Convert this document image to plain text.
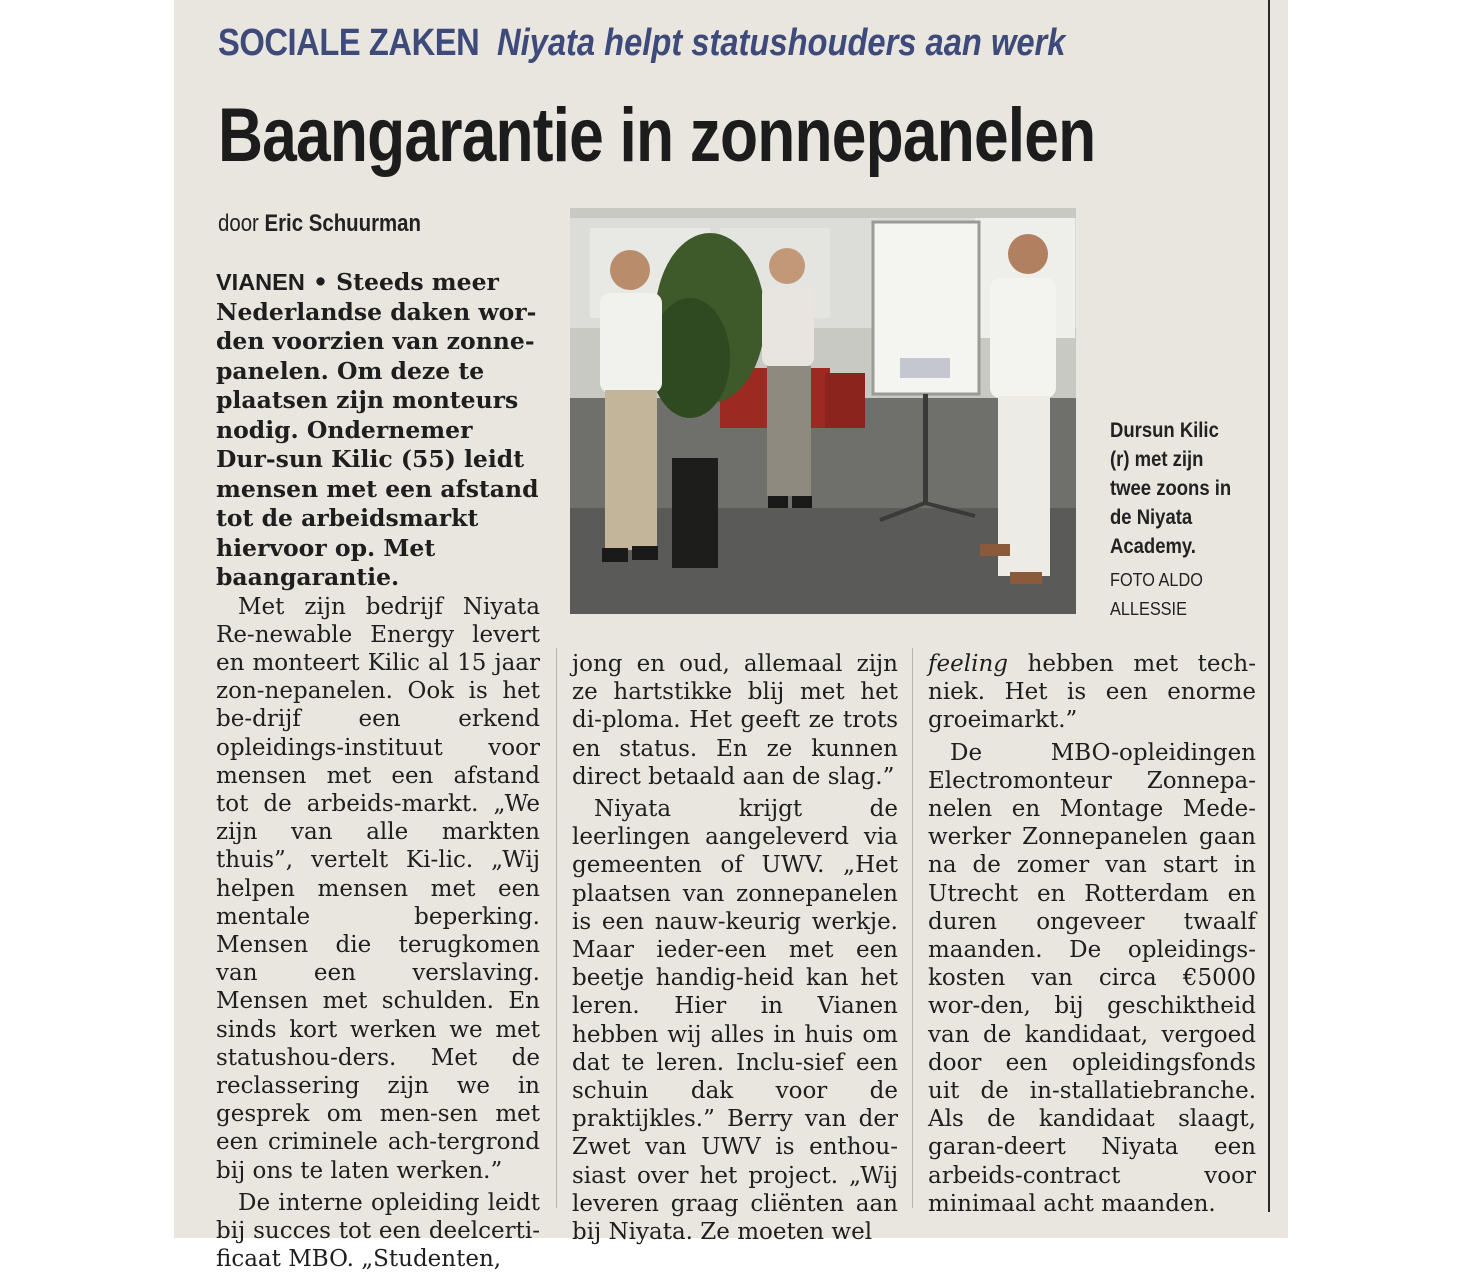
SOCIALE ZAKEN Niyata helpt statushouders aan werk
Baangarantie in zonnepanelen
door Eric Schuurman

VIANEN • Steeds meer Nederlandse daken wor-den voorzien van zonne-panelen. Om deze te plaatsen zijn monteurs nodig. Ondernemer Dur-sun Kilic (55) leidt mensen met een afstand tot de arbeidsmarkt hiervoor op. Met baangarantie.

Met zijn bedrijf Niyata Re-newable Energy levert en monteert Kilic al 15 jaar zon-nepanelen. Ook is het be-drijf een erkend opleidings-instituut voor mensen met een afstand tot de arbeids-markt. „We zijn van alle markten thuis”, vertelt Ki-lic. „Wij helpen mensen met een mentale beperking. Mensen die terugkomen van een verslaving. Mensen met schulden. En sinds kort werken we met statushou-ders. Met de reclassering zijn we in gesprek om men-sen met een criminele ach-tergrond bij ons te laten werken.”

De interne opleiding leidt bij succes tot een deelcerti-ficaat MBO. „Studenten,

Dursun Kilic
(r) met zijn
twee zoons in
de Niyata
Academy.
FOTO ALDO
ALLESSIE

jong en oud, allemaal zijn ze hartstikke blij met het di-ploma. Het geeft ze trots en status. En ze kunnen direct betaald aan de slag.”

Niyata krijgt de leerlingen aangeleverd via gemeenten of UWV. „Het plaatsen van zonnepanelen is een nauw-keurig werkje. Maar ieder-een met een beetje handig-heid kan het leren. Hier in Vianen hebben wij alles in huis om dat te leren. Inclu-sief een schuin dak voor de praktijkles.” Berry van der Zwet van UWV is enthou-siast over het project. „Wij leveren graag cliënten aan bij Niyata. Ze moeten wel

feeling hebben met tech-niek. Het is een enorme groeimarkt.”

De MBO-opleidingen Electromonteur Zonnepa-nelen en Montage Mede-werker Zonnepanelen gaan na de zomer van start in Utrecht en Rotterdam en duren ongeveer twaalf maanden. De opleidings-kosten van circa €5000 wor-den, bij geschiktheid van de kandidaat, vergoed door een opleidingsfonds uit de in-stallatiebranche. Als de kandidaat slaagt, garan-deert Niyata een arbeids-contract voor minimaal acht maanden.
